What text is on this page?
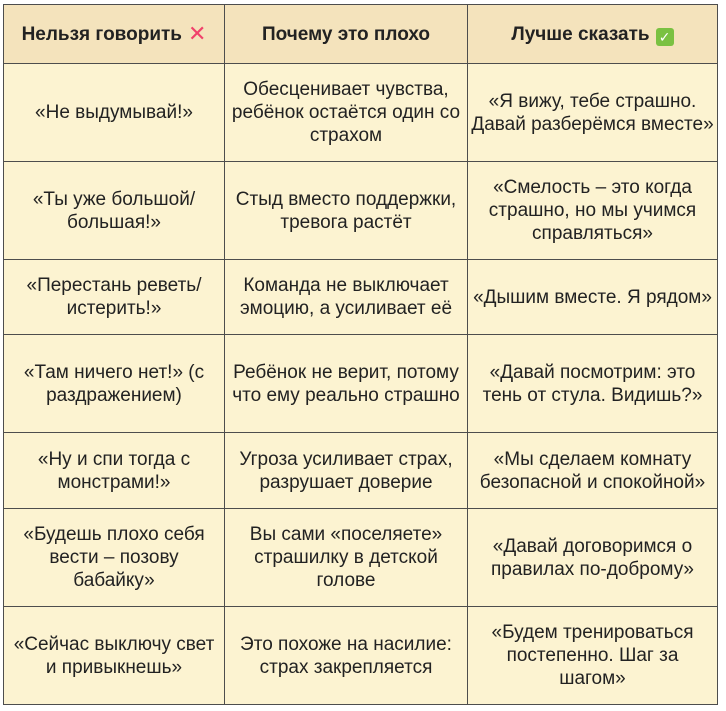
Нельзя говорить ✕	Почему это плохо	Лучше сказать ✓
«Не выдумывай!»	Обесценивает чувства, ребёнок остаётся один со страхом	«Я вижу, тебе страшно. Давай разберёмся вместе»
«Ты уже большой/ большая!»	Стыд вместо поддержки, тревога растёт	«Смелость – это когда страшно, но мы учимся справляться»
«Перестань реветь/ истерить!»	Команда не выключает эмоцию, а усиливает её	«Дышим вместе. Я рядом»
«Там ничего нет!» (с раздражением)	Ребёнок не верит, потому что ему реально страшно	«Давай посмотрим: это тень от стула. Видишь?»
«Ну и спи тогда с монстрами!»	Угроза усиливает страх, разрушает доверие	«Мы сделаем комнату безопасной и спокойной»
«Будешь плохо себя вести – позову бабайку»	Вы сами «поселяете» страшилку в детской голове	«Давай договоримся о правилах по-доброму»
«Сейчас выключу свет и привыкнешь»	Это похоже на насилие: страх закрепляется	«Будем тренироваться постепенно. Шаг за шагом»
